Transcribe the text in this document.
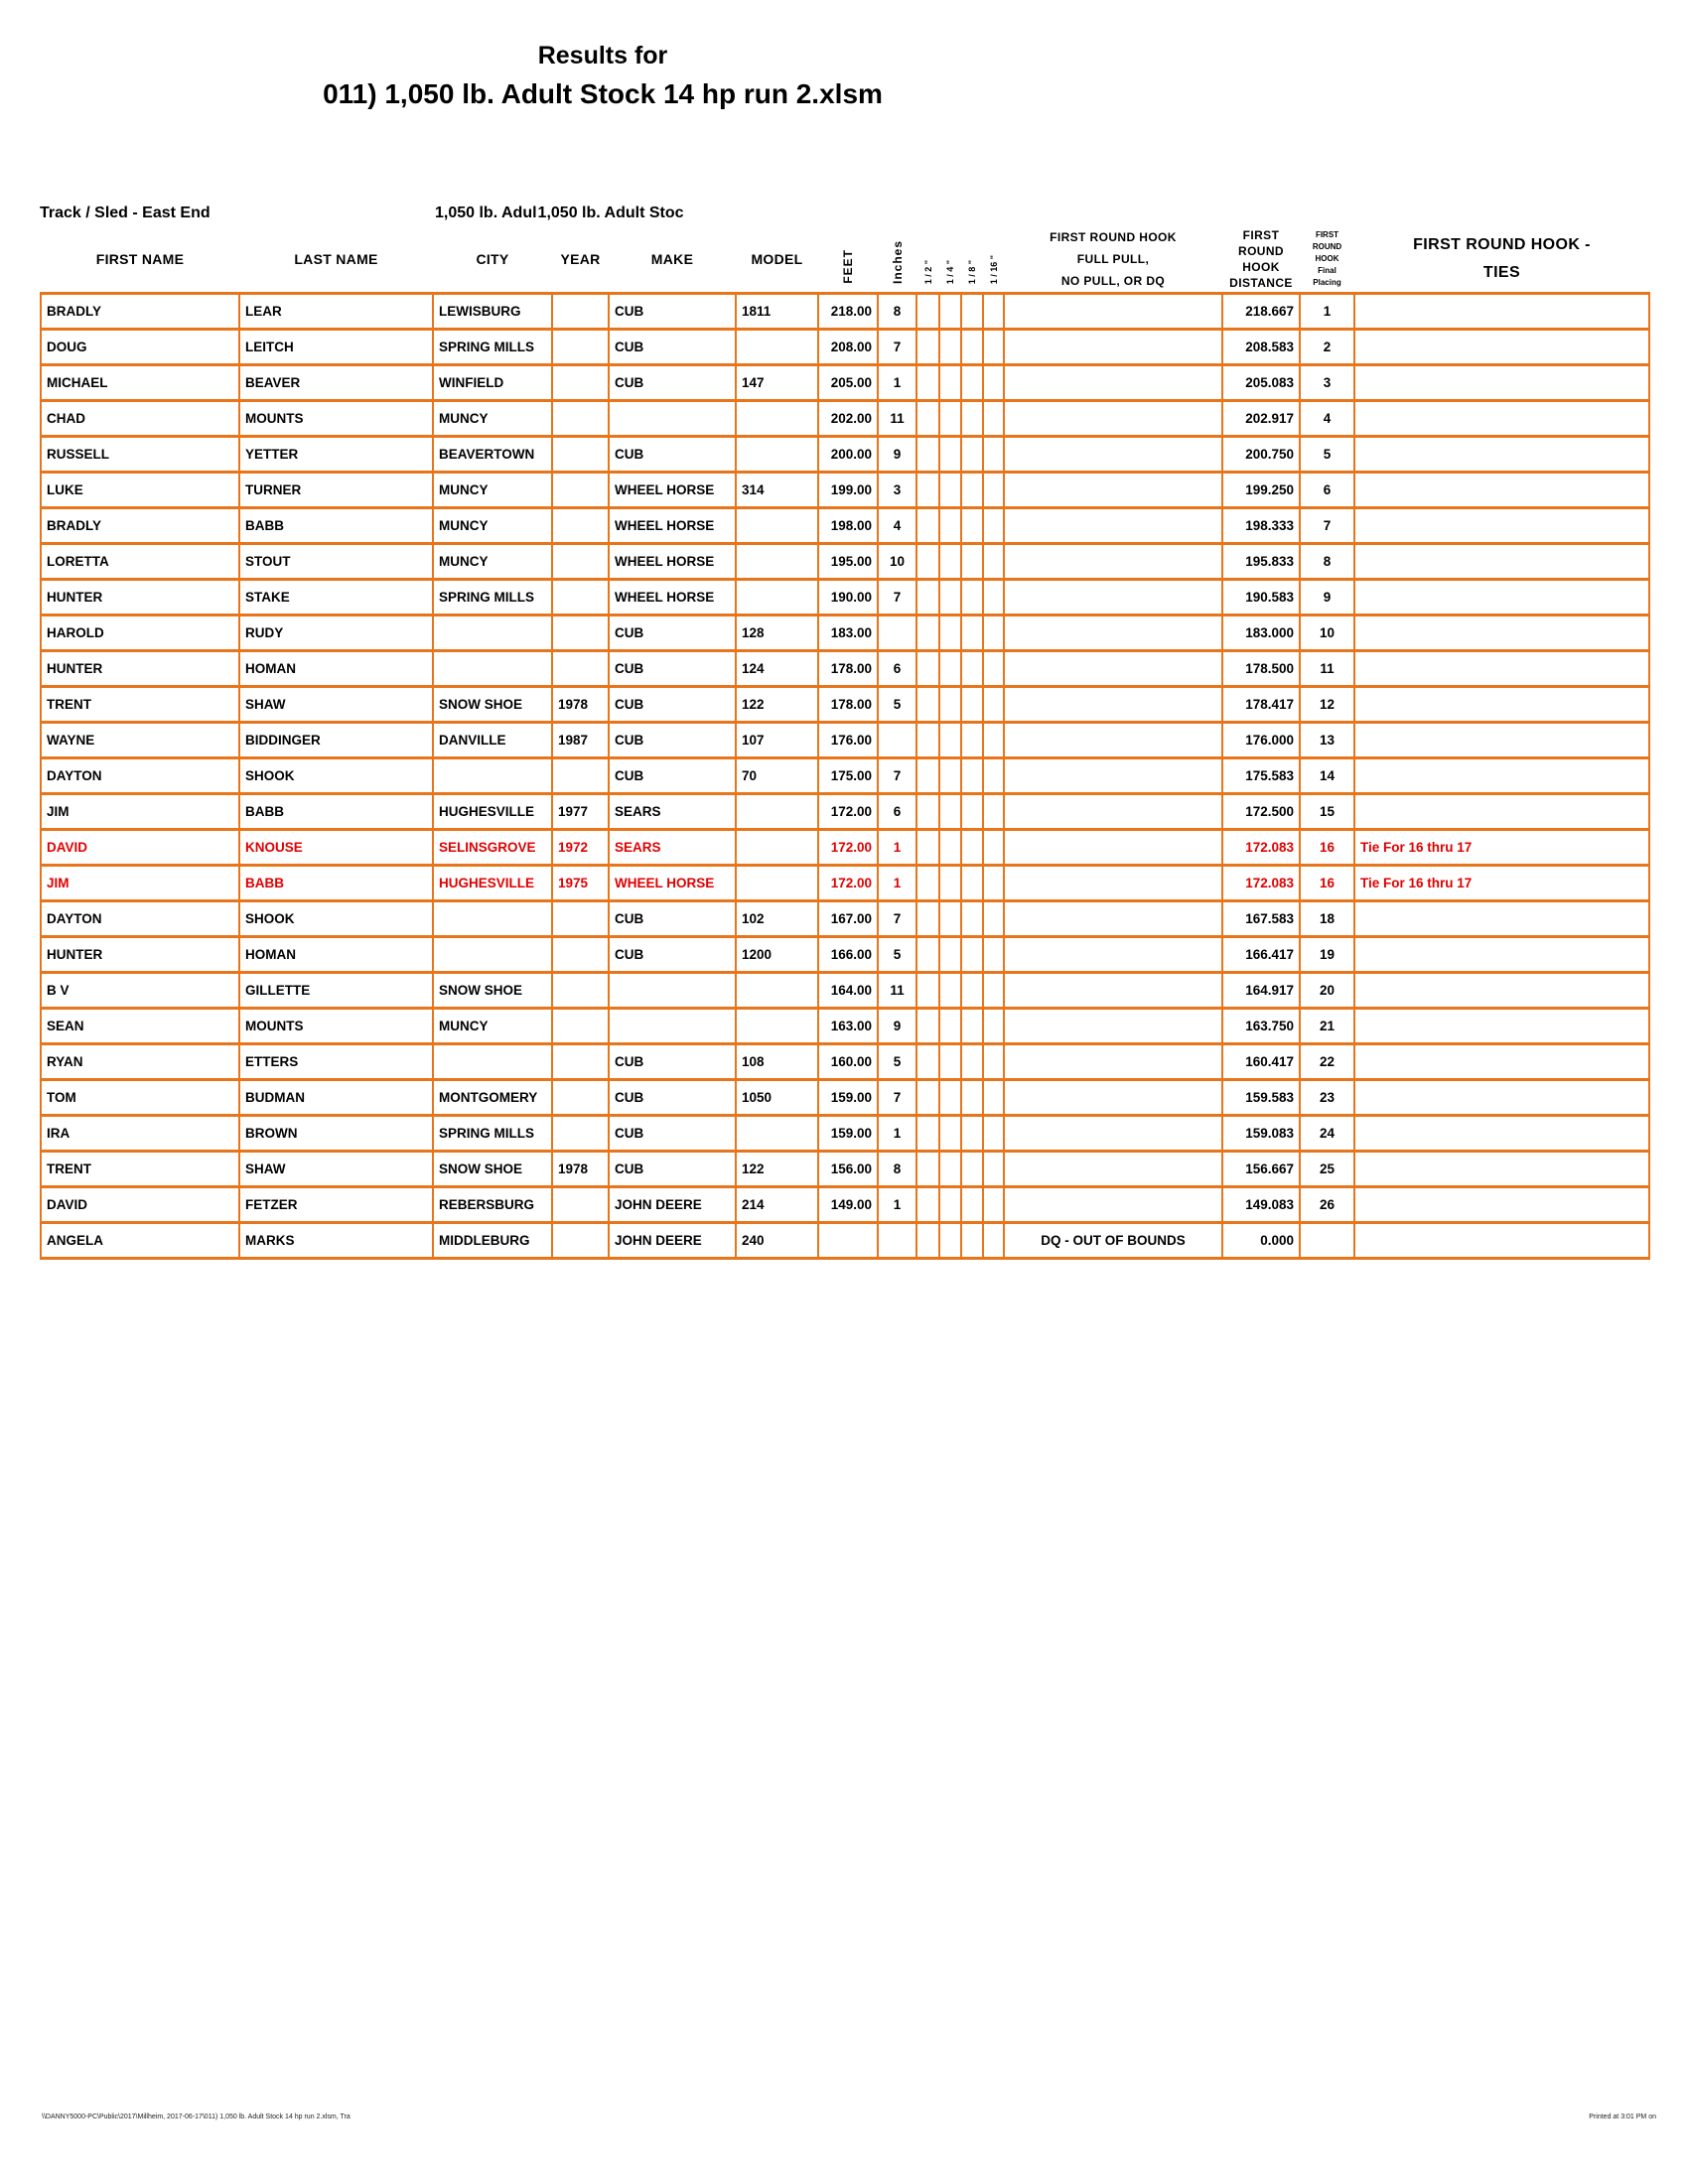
Results for
011) 1,050 lb. Adult Stock 14 hp run 2.xlsm
Track / Sled - East End	1,050 lb. Adul1,050 lb. Adult Stoc
FIRST NAME	LAST NAME	CITY	YEAR	MAKE	MODEL	FEET	Inches	1 / 2 "	1 / 4 "	1 / 8 "	1 / 16 "	
FIRST ROUND HOOK
FULL PULL,
NO PULL, OR DQ

FIRST
ROUND
HOOK
DISTANCE

FIRST
ROUND
HOOK
Final
Placing

FIRST ROUND HOOK -
TIES

BRADLY	LEAR	LEWISBURG		CUB	1811	218.00	8						218.667	1	
DOUG	LEITCH	SPRING MILLS		CUB		208.00	7						208.583	2	
MICHAEL	BEAVER	WINFIELD		CUB	147	205.00	1						205.083	3	
CHAD	MOUNTS	MUNCY				202.00	11						202.917	4	
RUSSELL	YETTER	BEAVERTOWN		CUB		200.00	9						200.750	5	
LUKE	TURNER	MUNCY		WHEEL HORSE	314	199.00	3						199.250	6	
BRADLY	BABB	MUNCY		WHEEL HORSE		198.00	4						198.333	7	
LORETTA	STOUT	MUNCY		WHEEL HORSE		195.00	10						195.833	8	
HUNTER	STAKE	SPRING MILLS		WHEEL HORSE		190.00	7						190.583	9	
HAROLD	RUDY			CUB	128	183.00							183.000	10	
HUNTER	HOMAN			CUB	124	178.00	6						178.500	11	
TRENT	SHAW	SNOW SHOE	1978	CUB	122	178.00	5						178.417	12	
WAYNE	BIDDINGER	DANVILLE	1987	CUB	107	176.00							176.000	13	
DAYTON	SHOOK			CUB	70	175.00	7						175.583	14	
JIM	BABB	HUGHESVILLE	1977	SEARS		172.00	6						172.500	15	
DAVID	KNOUSE	SELINSGROVE	1972	SEARS		172.00	1						172.083	16	Tie For 16 thru 17
JIM	BABB	HUGHESVILLE	1975	WHEEL HORSE		172.00	1						172.083	16	Tie For 16 thru 17
DAYTON	SHOOK			CUB	102	167.00	7						167.583	18	
HUNTER	HOMAN			CUB	1200	166.00	5						166.417	19	
B V	GILLETTE	SNOW SHOE				164.00	11						164.917	20	
SEAN	MOUNTS	MUNCY				163.00	9						163.750	21	
RYAN	ETTERS			CUB	108	160.00	5						160.417	22	
TOM	BUDMAN	MONTGOMERY		CUB	1050	159.00	7						159.583	23	
IRA	BROWN	SPRING MILLS		CUB		159.00	1						159.083	24	
TRENT	SHAW	SNOW SHOE	1978	CUB	122	156.00	8						156.667	25	
DAVID	FETZER	REBERSBURG		JOHN DEERE	214	149.00	1						149.083	26	
ANGELA	MARKS	MIDDLEBURG		JOHN DEERE	240							DQ - OUT OF BOUNDS	0.000		
\\DANNY5000-PC\Public\2017\Millheim, 2017-06-17\011) 1,050 lb. Adult Stock 14 hp run 2.xlsm, Tra	Printed at 3:01 PM on
